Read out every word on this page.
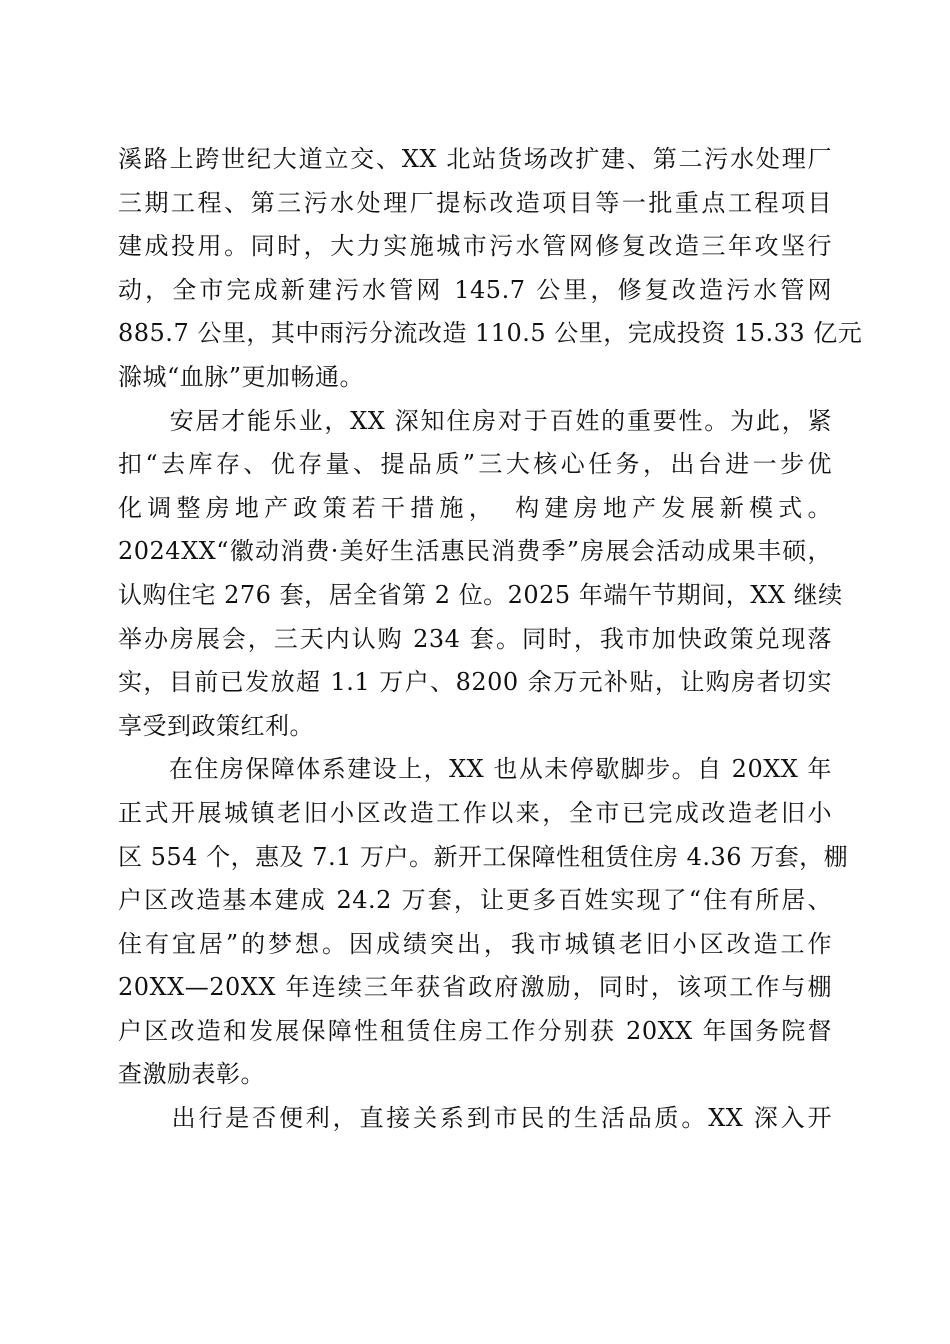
溪路上跨世纪大道立交、XX 北站货场改扩建、第二污水处理厂
三期工程、第三污水处理厂提标改造项目等一批重点工程项目
建成投用。同时，大力实施城市污水管网修复改造三年攻坚行
动，全市完成新建污水管网 145.7 公里，修复改造污水管网
885.7 公里，其中雨污分流改造 110.5 公里，完成投资 15.33 亿元
滁城“血脉”更加畅通。
　　安居才能乐业，XX 深知住房对于百姓的重要性。为此，紧
扣“去库存、优存量、提品质”三大核心任务，出台进一步优
化调整房地产政策若干措施，　构建房地产发展新模式。
2024XX“徽动消费·美好生活惠民消费季”房展会活动成果丰硕，
认购住宅 276 套，居全省第 2 位。2025 年端午节期间，XX 继续
举办房展会，三天内认购 234 套。同时，我市加快政策兑现落
实，目前已发放超 1.1 万户、8200 余万元补贴，让购房者切实
享受到政策红利。
　　在住房保障体系建设上，XX 也从未停歇脚步。自 20XX 年
正式开展城镇老旧小区改造工作以来，全市已完成改造老旧小
区 554 个，惠及 7.1 万户。新开工保障性租赁住房 4.36 万套，棚
户区改造基本建成 24.2 万套，让更多百姓实现了“住有所居、
住有宜居”的梦想。因成绩突出，我市城镇老旧小区改造工作
20XX—20XX 年连续三年获省政府激励，同时，该项工作与棚
户区改造和发展保障性租赁住房工作分别获 20XX 年国务院督
查激励表彰。
　　出行是否便利，直接关系到市民的生活品质。XX 深入开
